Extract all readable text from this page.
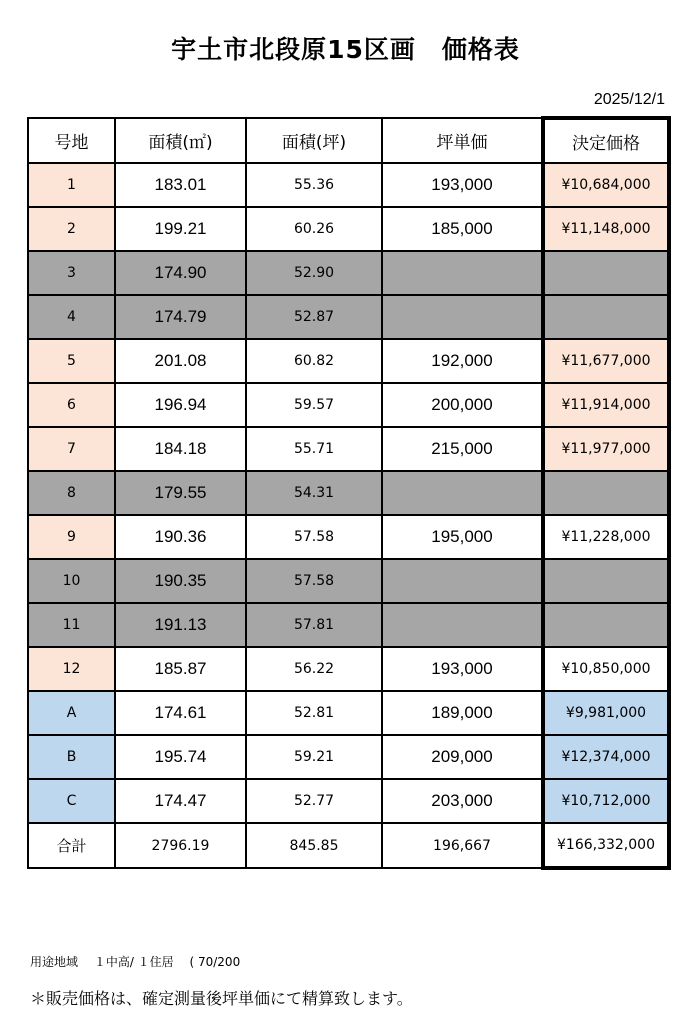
宇土市北段原15区画　価格表
2025/12/1
号地	面積(㎡)	面積(坪)	坪単価	決定価格
1	183.01	55.36	193,000	¥10,684,000
2	199.21	60.26	185,000	¥11,148,000
3	174.90	52.90		
4	174.79	52.87		
5	201.08	60.82	192,000	¥11,677,000
6	196.94	59.57	200,000	¥11,914,000
7	184.18	55.71	215,000	¥11,977,000
8	179.55	54.31		
9	190.36	57.58	195,000	¥11,228,000
10	190.35	57.58		
11	191.13	57.81		
12	185.87	56.22	193,000	¥10,850,000
A	174.61	52.81	189,000	¥9,981,000
B	195.74	59.21	209,000	¥12,374,000
C	174.47	52.77	203,000	¥10,712,000
合計	2796.19	845.85	196,667	¥166,332,000
用途地域　 １中高/ １住居　 ( 70/200
＊販売価格は、確定測量後坪単価にて精算致します。
